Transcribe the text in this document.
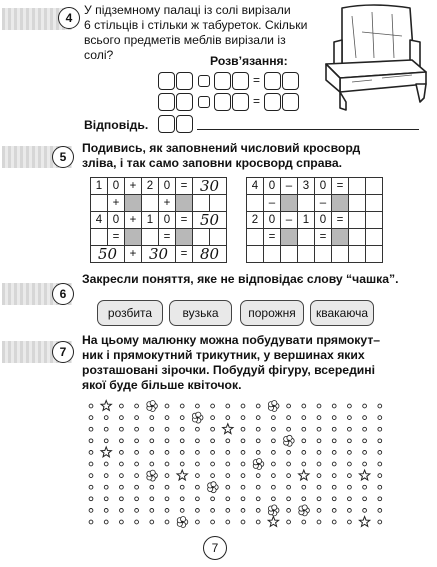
4
У підземному палаці із солі вирізали
6 стільців і стільки ж табуреток. Скільки
всього предметів меблів вирізали із солі?	Розв’язання:
=
=
Відповідь.
5
Подивись, як заповнений числовий кросворд
зліва, і так само заповни кросворд справа.
1	0	+	2	0	=	30	
	+			+			
4	0	+	1	0	=	50	
	=			=			
50		+	30		=	80	
4	0	–	3	0	=		
	–			–			
2	0	–	1	0	=		
	=			=			

6
Закресли поняття, яке не відповідає слову “чашка”.
розбита	вузька	порожня	квакаюча
7
На цьому малюнку можна побудувати прямокут–
ник і прямокутний трикутник, у вершинах яких
розташовані зірочки. Побудуй фігуру, всередині
якої буде більше квіточок.
7
